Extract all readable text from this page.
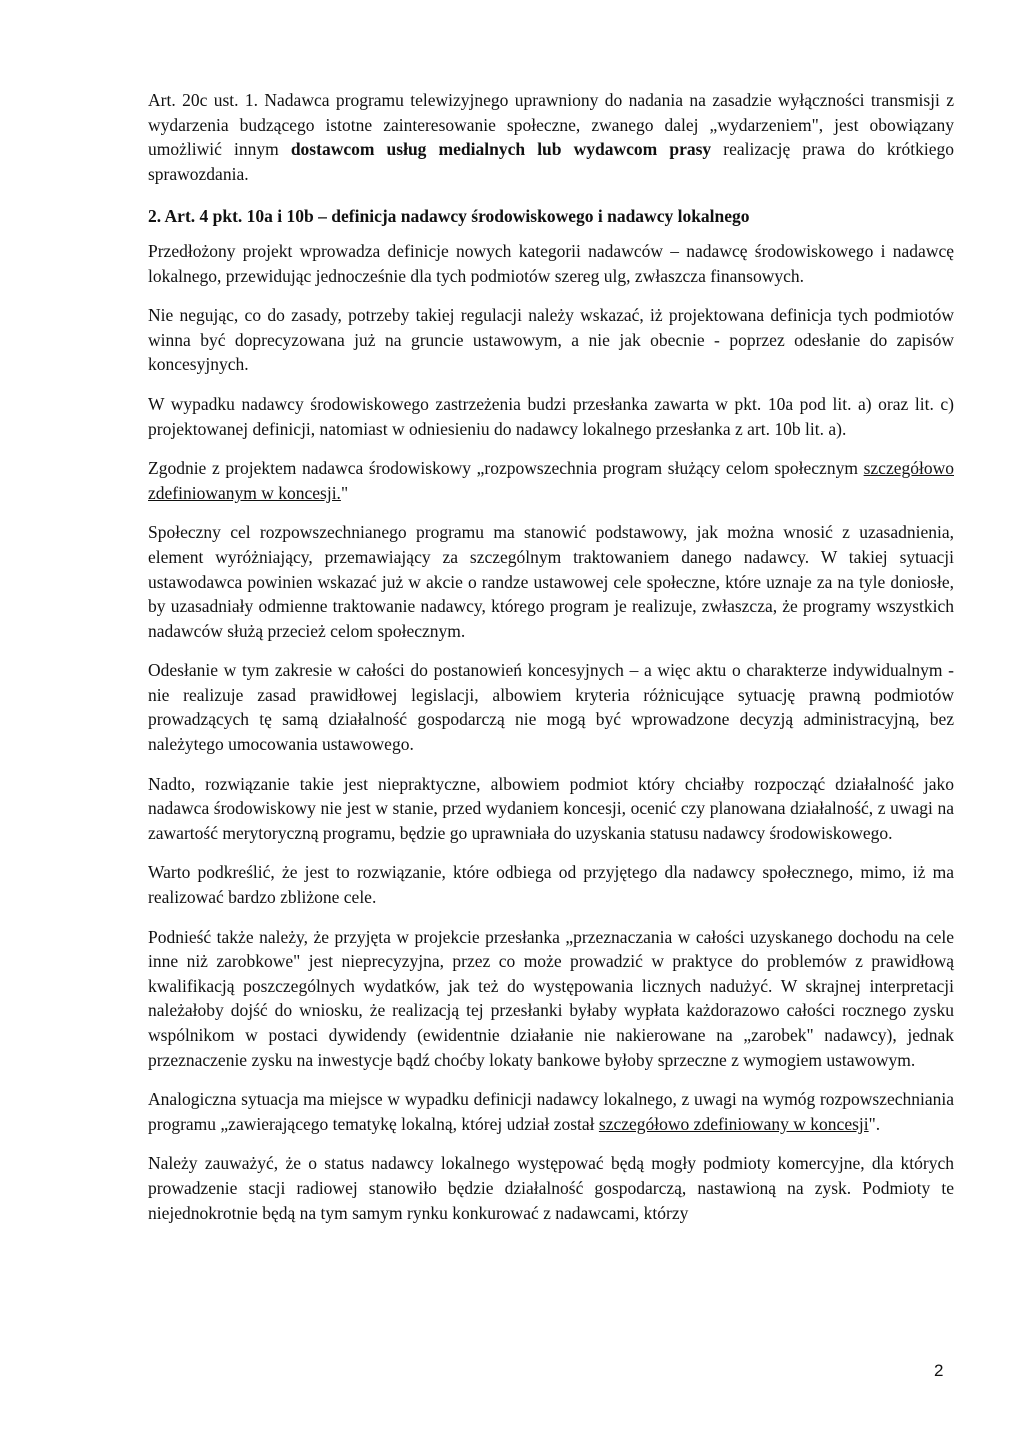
Art. 20c ust. 1. Nadawca programu telewizyjnego uprawniony do nadania na zasadzie wyłączności transmisji z wydarzenia budzącego istotne zainteresowanie społeczne, zwanego dalej „wydarzeniem", jest obowiązany umożliwić innym dostawcom usług medialnych lub wydawcom prasy realizację prawa do krótkiego sprawozdania.

2. Art. 4 pkt. 10a i 10b – definicja nadawcy środowiskowego i nadawcy lokalnego

Przedłożony projekt wprowadza definicje nowych kategorii nadawców – nadawcę środowiskowego i nadawcę lokalnego, przewidując jednocześnie dla tych podmiotów szereg ulg, zwłaszcza finansowych.

Nie negując, co do zasady, potrzeby takiej regulacji należy wskazać, iż projektowana definicja tych podmiotów winna być doprecyzowana już na gruncie ustawowym, a nie jak obecnie - poprzez odesłanie do zapisów koncesyjnych.

W wypadku nadawcy środowiskowego zastrzeżenia budzi przesłanka zawarta w pkt. 10a pod lit. a) oraz lit. c) projektowanej definicji, natomiast w odniesieniu do nadawcy lokalnego przesłanka z art. 10b lit. a).

Zgodnie z projektem nadawca środowiskowy „rozpowszechnia program służący celom społecznym szczegółowo zdefiniowanym w koncesji."

Społeczny cel rozpowszechnianego programu ma stanowić podstawowy, jak można wnosić z uzasadnienia, element wyróżniający, przemawiający za szczególnym traktowaniem danego nadawcy. W takiej sytuacji ustawodawca powinien wskazać już w akcie o randze ustawowej cele społeczne, które uznaje za na tyle doniosłe, by uzasadniały odmienne traktowanie nadawcy, którego program je realizuje, zwłaszcza, że programy wszystkich nadawców służą przecież celom społecznym.

Odesłanie w tym zakresie w całości do postanowień koncesyjnych – a więc aktu o charakterze indywidualnym - nie realizuje zasad prawidłowej legislacji, albowiem kryteria różnicujące sytuację prawną podmiotów prowadzących tę samą działalność gospodarczą nie mogą być wprowadzone decyzją administracyjną, bez należytego umocowania ustawowego.

Nadto, rozwiązanie takie jest niepraktyczne, albowiem podmiot który chciałby rozpocząć działalność jako nadawca środowiskowy nie jest w stanie, przed wydaniem koncesji, ocenić czy planowana działalność, z uwagi na zawartość merytoryczną programu, będzie go uprawniała do uzyskania statusu nadawcy środowiskowego.

Warto podkreślić, że jest to rozwiązanie, które odbiega od przyjętego dla nadawcy społecznego, mimo, iż ma realizować bardzo zbliżone cele.

Podnieść także należy, że przyjęta w projekcie przesłanka „przeznaczania w całości uzyskanego dochodu na cele inne niż zarobkowe" jest nieprecyzyjna, przez co może prowadzić w praktyce do problemów z prawidłową kwalifikacją poszczególnych wydatków, jak też do występowania licznych nadużyć. W skrajnej interpretacji należałoby dojść do wniosku, że realizacją tej przesłanki byłaby wypłata każdorazowo całości rocznego zysku wspólnikom w postaci dywidendy (ewidentnie działanie nie nakierowane na „zarobek" nadawcy), jednak przeznaczenie zysku na inwestycje bądź choćby lokaty bankowe byłoby sprzeczne z wymogiem ustawowym.

Analogiczna sytuacja ma miejsce w wypadku definicji nadawcy lokalnego, z uwagi na wymóg rozpowszechniania programu „zawierającego tematykę lokalną, której udział został szczegółowo zdefiniowany w koncesji".

Należy zauważyć, że o status nadawcy lokalnego występować będą mogły podmioty komercyjne, dla których prowadzenie stacji radiowej stanowiło będzie działalność gospodarczą, nastawioną na zysk. Podmioty te niejednokrotnie będą na tym samym rynku konkurować z nadawcami, którzy

2
